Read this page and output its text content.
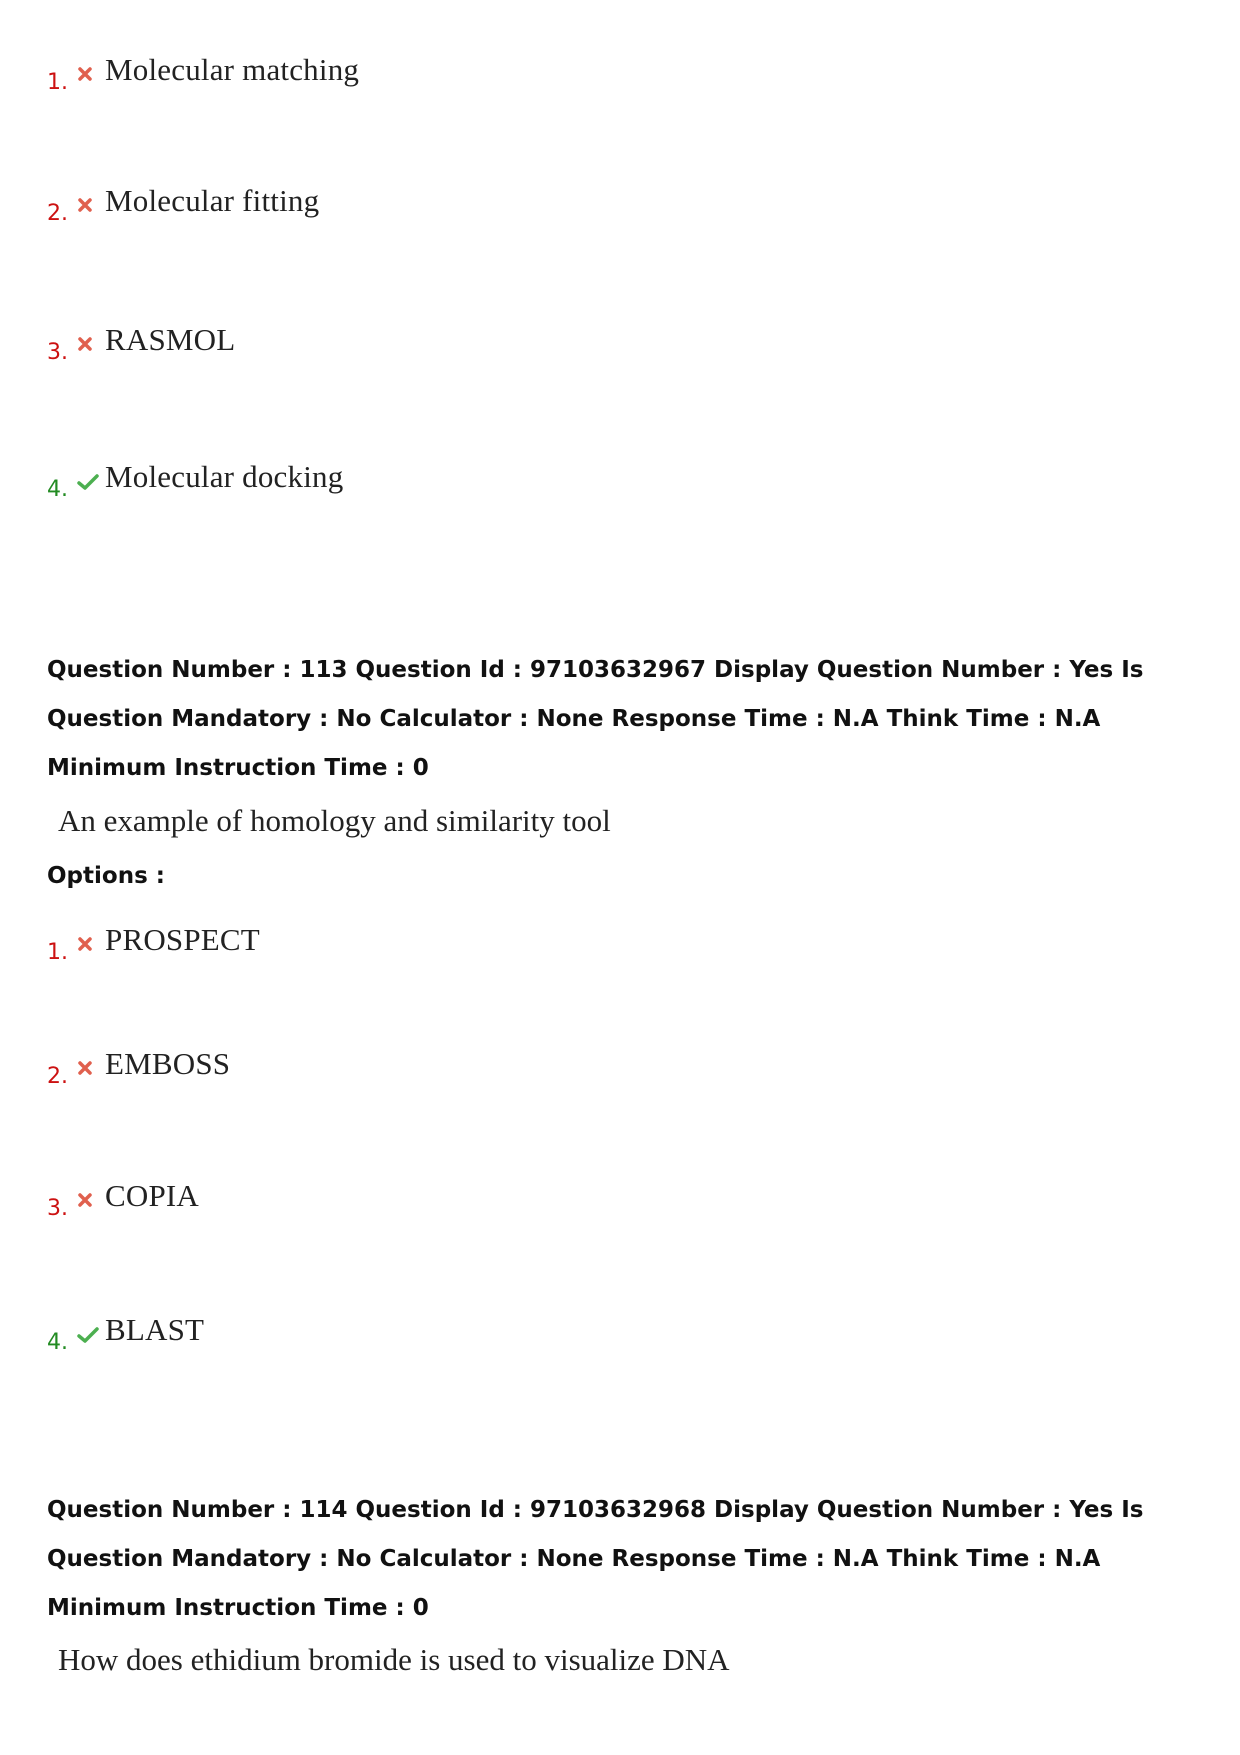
1. Molecular matching
2. Molecular fitting
3. RASMOL
4. Molecular docking
Question Number : 113 Question Id : 97103632967 Display Question Number : Yes Is Question Mandatory : No Calculator : None Response Time : N.A Think Time : N.A Minimum Instruction Time : 0
An example of homology and similarity tool
Options :
1. PROSPECT
2. EMBOSS
3. COPIA
4. BLAST
Question Number : 114 Question Id : 97103632968 Display Question Number : Yes Is Question Mandatory : No Calculator : None Response Time : N.A Think Time : N.A Minimum Instruction Time : 0
How does ethidium bromide is used to visualize DNA
